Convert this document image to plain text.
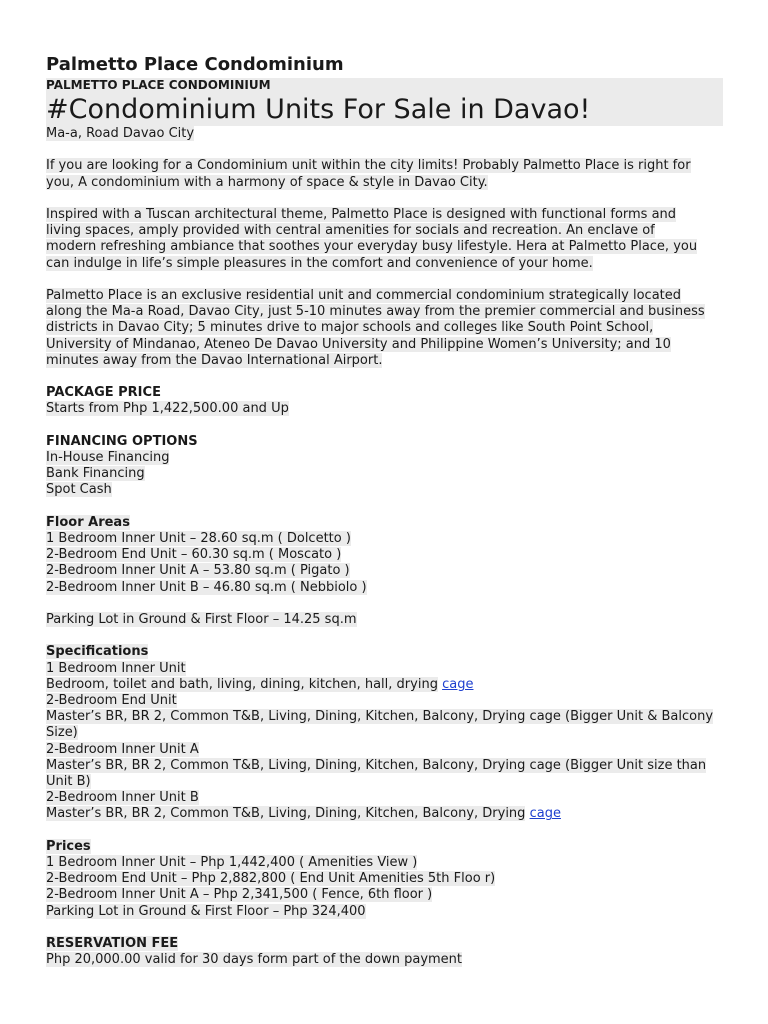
Palmetto Place Condominium
PALMETTO PLACE CONDOMINIUM
#Condominium Units For Sale in Davao!
Ma-a, Road Davao City
If you are looking for a Condominium unit within the city limits! Probably Palmetto Place is right for
you, A condominium with a harmony of space & style in Davao City.
Inspired with a Tuscan architectural theme, Palmetto Place is designed with functional forms and
living spaces, amply provided with central amenities for socials and recreation. An enclave of
modern refreshing ambiance that soothes your everyday busy lifestyle. Hera at Palmetto Place, you
can indulge in life’s simple pleasures in the comfort and convenience of your home.
Palmetto Place is an exclusive residential unit and commercial condominium strategically located
along the Ma-a Road, Davao City, just 5-10 minutes away from the premier commercial and business
districts in Davao City; 5 minutes drive to major schools and colleges like South Point School,
University of Mindanao, Ateneo De Davao University and Philippine Women’s University; and 10
minutes away from the Davao International Airport.
PACKAGE PRICE
Starts from Php 1,422,500.00 and Up
FINANCING OPTIONS
In-House Financing
Bank Financing
Spot Cash
Floor Areas
1 Bedroom Inner Unit – 28.60 sq.m ( Dolcetto )
2-Bedroom End Unit – 60.30 sq.m ( Moscato )
2-Bedroom Inner Unit A – 53.80 sq.m ( Pigato )
2-Bedroom Inner Unit B – 46.80 sq.m ( Nebbiolo )
Parking Lot in Ground & First Floor – 14.25 sq.m
Specifications
1 Bedroom Inner Unit
Bedroom, toilet and bath, living, dining, kitchen, hall, drying cage
2-Bedroom End Unit
Master’s BR, BR 2, Common T&B, Living, Dining, Kitchen, Balcony, Drying cage (Bigger Unit & Balcony
Size)
2-Bedroom Inner Unit A
Master’s BR, BR 2, Common T&B, Living, Dining, Kitchen, Balcony, Drying cage (Bigger Unit size than
Unit B)
2-Bedroom Inner Unit B
Master’s BR, BR 2, Common T&B, Living, Dining, Kitchen, Balcony, Drying cage
Prices
1 Bedroom Inner Unit – Php 1,442,400 ( Amenities View )
2-Bedroom End Unit – Php 2,882,800 ( End Unit Amenities 5th Floo r)
2-Bedroom Inner Unit A – Php 2,341,500 ( Fence, 6th floor )
Parking Lot in Ground & First Floor – Php 324,400
RESERVATION FEE
Php 20,000.00 valid for 30 days form part of the down payment
